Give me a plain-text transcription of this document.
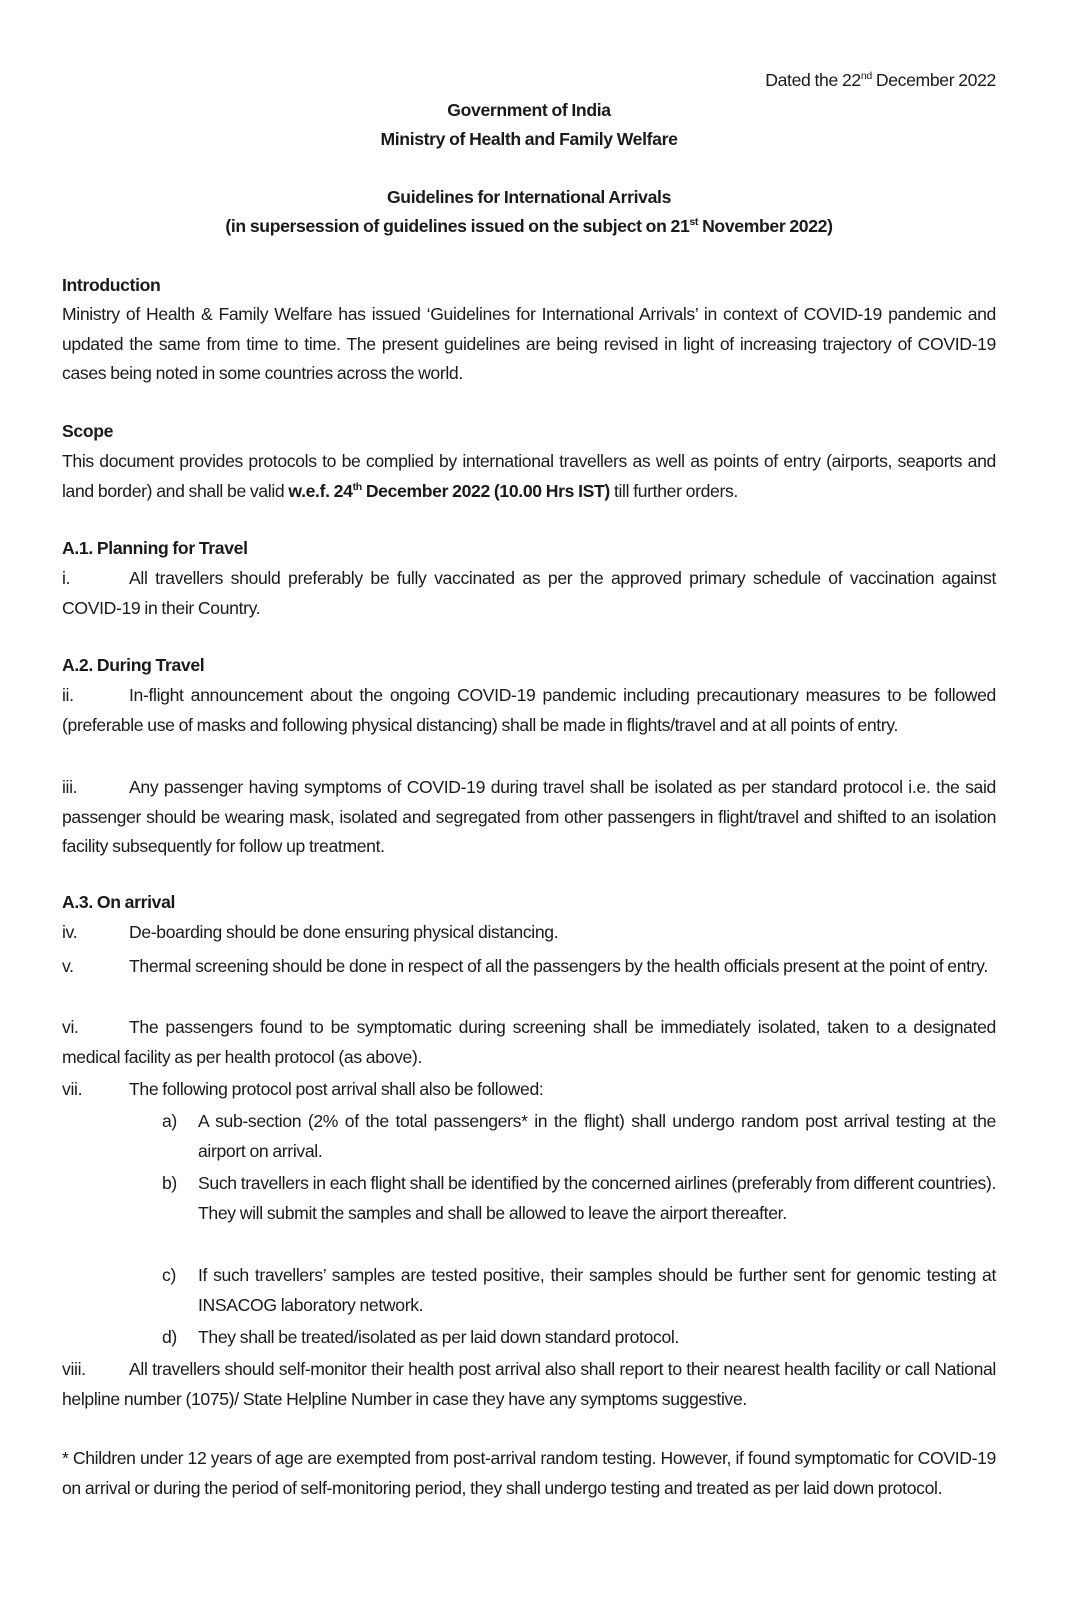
Dated the 22nd December 2022
Government of India
Ministry of Health and Family Welfare
Guidelines for International Arrivals
(in supersession of guidelines issued on the subject on 21st November 2022)
Introduction
Ministry of Health & Family Welfare has issued ‘Guidelines for International Arrivals’ in context of COVID-19 pandemic and updated the same from time to time. The present guidelines are being revised in light of increasing trajectory of COVID-19 cases being noted in some countries across the world.
Scope
This document provides protocols to be complied by international travellers as well as points of entry (airports, seaports and land border) and shall be valid w.e.f. 24th December 2022 (10.00 Hrs IST) till further orders.
A.1. Planning for Travel
i.	All travellers should preferably be fully vaccinated as per the approved primary schedule of vaccination against COVID-19 in their Country.
A.2. During Travel
ii.	In-flight announcement about the ongoing COVID-19 pandemic including precautionary measures to be followed (preferable use of masks and following physical distancing) shall be made in flights/travel and at all points of entry.
iii.	Any passenger having symptoms of COVID-19 during travel shall be isolated as per standard protocol i.e. the said passenger should be wearing mask, isolated and segregated from other passengers in flight/travel and shifted to an isolation facility subsequently for follow up treatment.
A.3. On arrival
iv.	De-boarding should be done ensuring physical distancing.
v.	Thermal screening should be done in respect of all the passengers by the health officials present at the point of entry.
vi.	The passengers found to be symptomatic during screening shall be immediately isolated, taken to a designated medical facility as per health protocol (as above).
vii.	The following protocol post arrival shall also be followed:
a) A sub-section (2% of the total passengers* in the flight) shall undergo random post arrival testing at the airport on arrival.
b) Such travellers in each flight shall be identified by the concerned airlines (preferably from different countries). They will submit the samples and shall be allowed to leave the airport thereafter.
c) If such travellers’ samples are tested positive, their samples should be further sent for genomic testing at INSACOG laboratory network.
d) They shall be treated/isolated as per laid down standard protocol.
viii.	All travellers should self-monitor their health post arrival also shall report to their nearest health facility or call National helpline number (1075)/ State Helpline Number in case they have any symptoms suggestive.
* Children under 12 years of age are exempted from post-arrival random testing. However, if found symptomatic for COVID-19 on arrival or during the period of self-monitoring period, they shall undergo testing and treated as per laid down protocol.
